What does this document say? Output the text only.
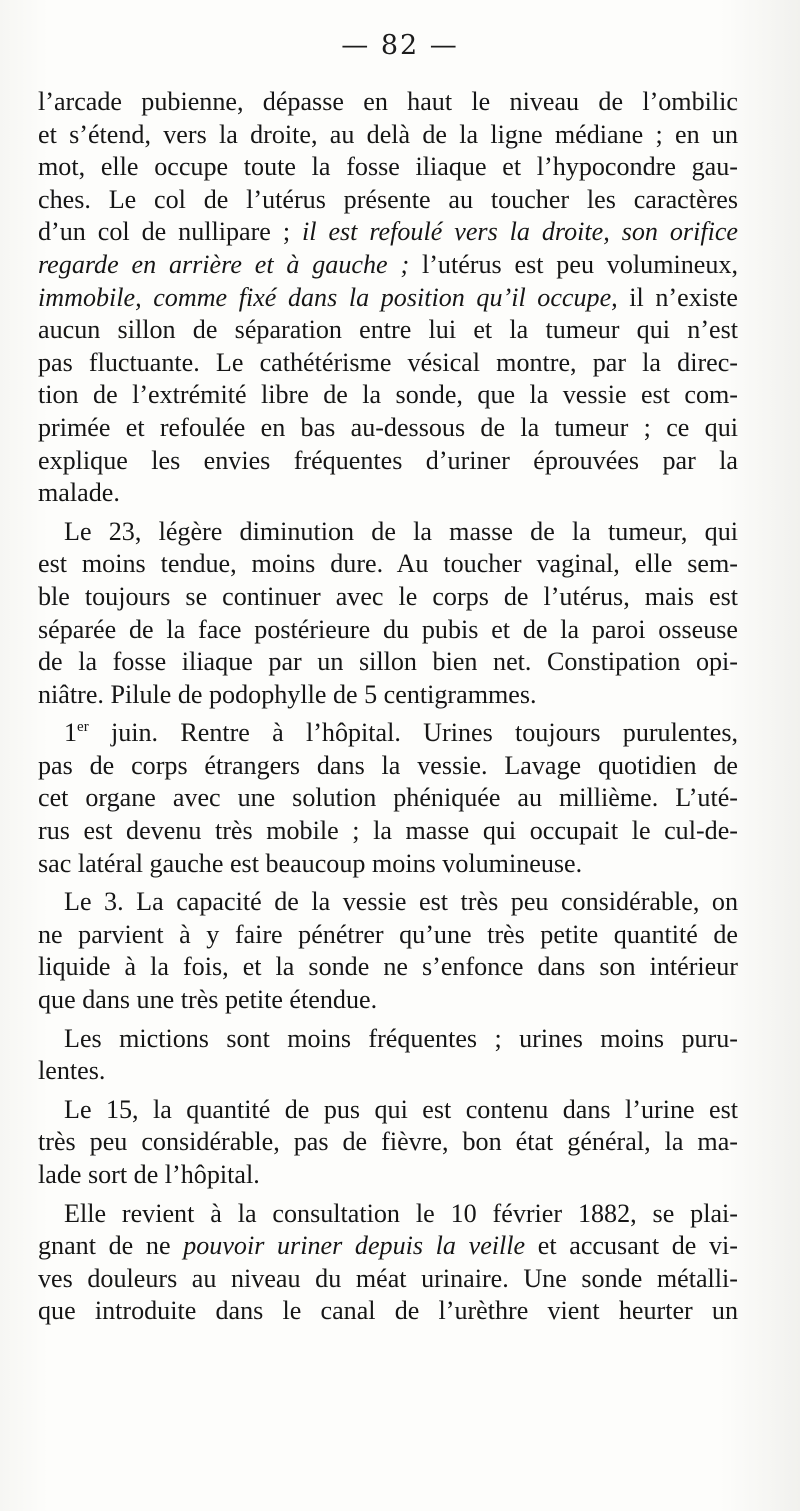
— 82 —
l’arcade pubienne, dépasse en haut le niveau de l’ombilic
et s’étend, vers la droite, au delà de la ligne médiane ; en un
mot, elle occupe toute la fosse iliaque et l’hypocondre gau-
ches. Le col de l’utérus présente au toucher les caractères
d’un col de nullipare ; il est refoulé vers la droite, son orifice
regarde en arrière et à gauche ; l’utérus est peu volumineux,
immobile, comme fixé dans la position qu’il occupe, il n’existe
aucun sillon de séparation entre lui et la tumeur qui n’est
pas fluctuante. Le cathétérisme vésical montre, par la direc-
tion de l’extrémité libre de la sonde, que la vessie est com-
primée et refoulée en bas au-dessous de la tumeur ; ce qui
explique les envies fréquentes d’uriner éprouvées par la
malade.
Le 23, légère diminution de la masse de la tumeur, qui
est moins tendue, moins dure. Au toucher vaginal, elle sem-
ble toujours se continuer avec le corps de l’utérus, mais est
séparée de la face postérieure du pubis et de la paroi osseuse
de la fosse iliaque par un sillon bien net. Constipation opi-
niâtre. Pilule de podophylle de 5 centigrammes.
1er juin. Rentre à l’hôpital. Urines toujours purulentes,
pas de corps étrangers dans la vessie. Lavage quotidien de
cet organe avec une solution phéniquée au millième. L’uté-
rus est devenu très mobile ; la masse qui occupait le cul-de-
sac latéral gauche est beaucoup moins volumineuse.
Le 3. La capacité de la vessie est très peu considérable, on
ne parvient à y faire pénétrer qu’une très petite quantité de
liquide à la fois, et la sonde ne s’enfonce dans son intérieur
que dans une très petite étendue.
Les mictions sont moins fréquentes ; urines moins puru-
lentes.
Le 15, la quantité de pus qui est contenu dans l’urine est
très peu considérable, pas de fièvre, bon état général, la ma-
lade sort de l’hôpital.
Elle revient à la consultation le 10 février 1882, se plai-
gnant de ne pouvoir uriner depuis la veille et accusant de vi-
ves douleurs au niveau du méat urinaire. Une sonde métalli-
que introduite dans le canal de l’urèthre vient heurter un
